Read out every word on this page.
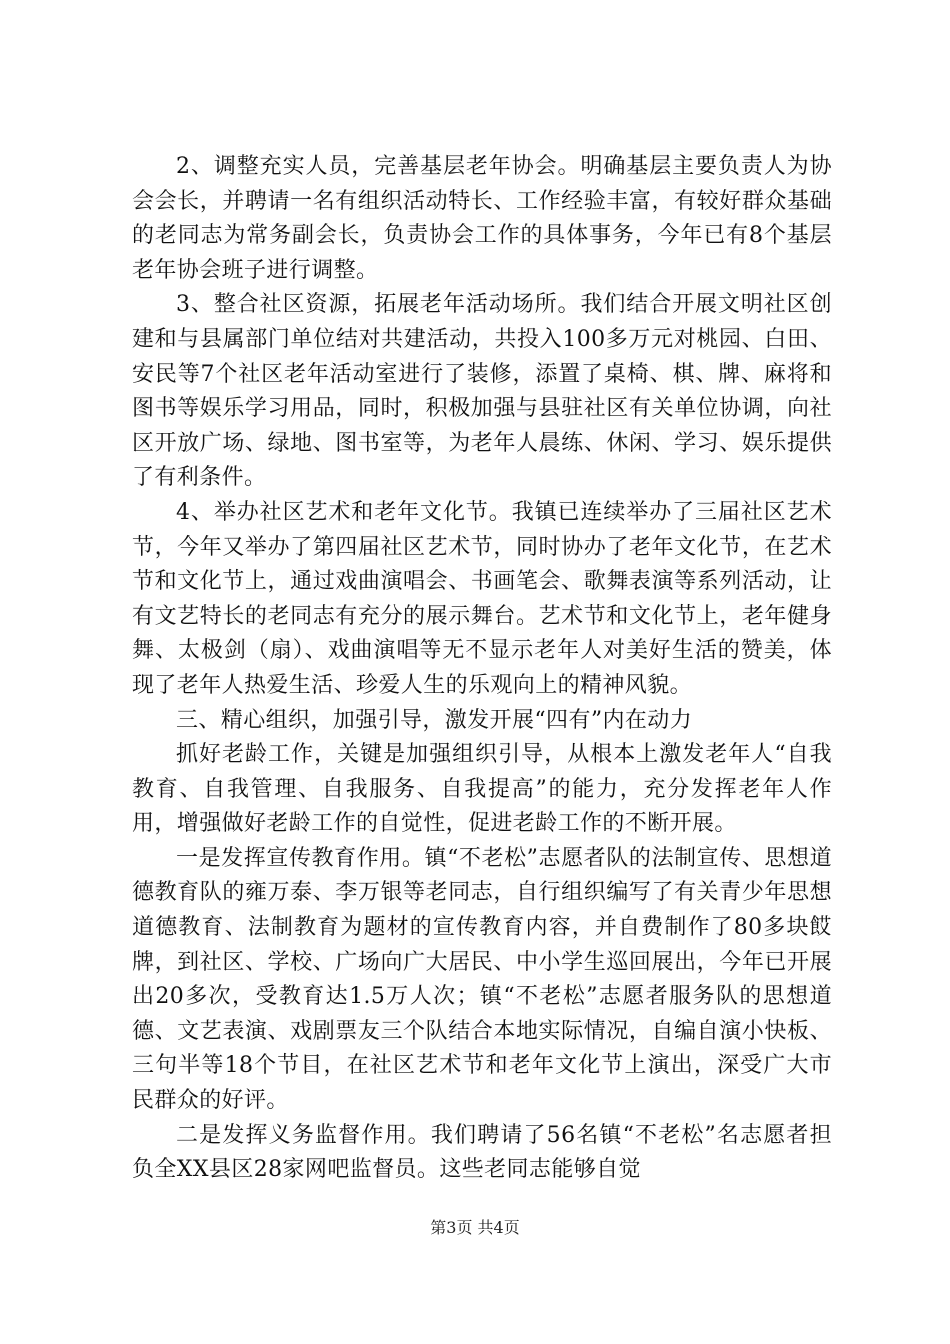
2、调整充实人员，完善基层老年协会。明确基层主要负责人为协会会长，并聘请一名有组织活动特长、工作经验丰富，有较好群众基础的老同志为常务副会长，负责协会工作的具体事务，今年已有8个基层老年协会班子进行调整。

3、整合社区资源，拓展老年活动场所。我们结合开展文明社区创建和与县属部门单位结对共建活动，共投入100多万元对桃园、白田、安民等7个社区老年活动室进行了装修，添置了桌椅、棋、牌、麻将和图书等娱乐学习用品，同时，积极加强与县驻社区有关单位协调，向社区开放广场、绿地、图书室等，为老年人晨练、休闲、学习、娱乐提供了有利条件。

4、举办社区艺术和老年文化节。我镇已连续举办了三届社区艺术节，今年又举办了第四届社区艺术节，同时协办了老年文化节，在艺术节和文化节上，通过戏曲演唱会、书画笔会、歌舞表演等系列活动，让有文艺特长的老同志有充分的展示舞台。艺术节和文化节上，老年健身舞、太极剑（扇）、戏曲演唱等无不显示老年人对美好生活的赞美，体现了老年人热爱生活、珍爱人生的乐观向上的精神风貌。

三、精心组织，加强引导，激发开展“四有”内在动力

抓好老龄工作，关键是加强组织引导，从根本上激发老年人“自我教育、自我管理、自我服务、自我提高”的能力，充分发挥老年人作用，增强做好老龄工作的自觉性，促进老龄工作的不断开展。

一是发挥宣传教育作用。镇“不老松”志愿者队的法制宣传、思想道德教育队的雍万泰、李万银等老同志，自行组织编写了有关青少年思想道德教育、法制教育为题材的宣传教育内容，并自费制作了80多块餀牌，到社区、学校、广场向广大居民、中小学生巡回展出，今年已开展出20多次，受教育达1.5万人次；镇“不老松”志愿者服务队的思想道德、文艺表演、戏剧票友三个队结合本地实际情况，自编自演小快板、三句半等18个节目，在社区艺术节和老年文化节上演出，深受广大市民群众的好评。

二是发挥义务监督作用。我们聘请了56名镇“不老松”名志愿者担负全XX县区28家网吧监督员。这些老同志能够自觉

第3页 共4页
